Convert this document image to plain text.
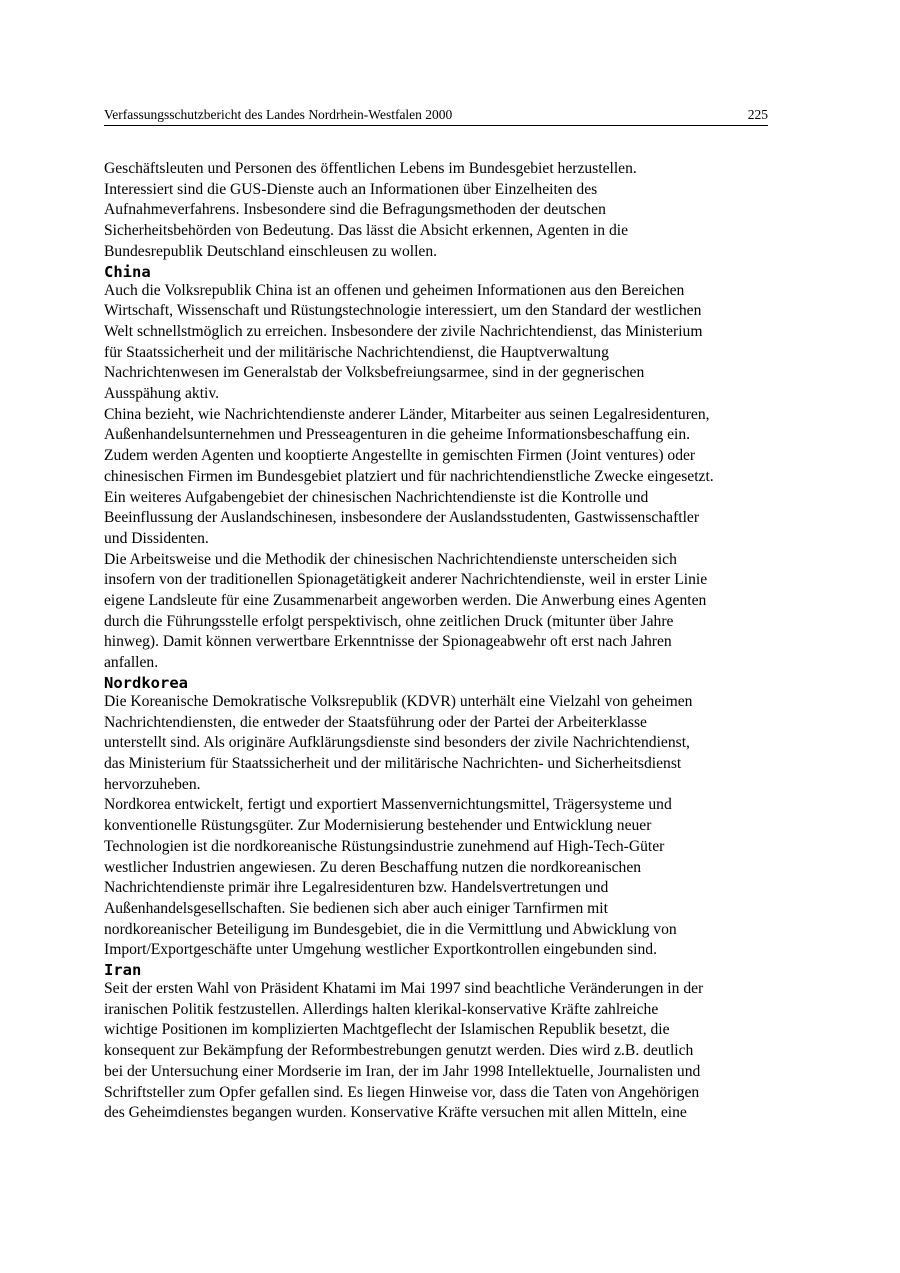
Verfassungsschutzbericht des Landes Nordrhein-Westfalen 2000	225

Geschäftsleuten und Personen des öffentlichen Lebens im Bundesgebiet herzustellen.
Interessiert sind die GUS-Dienste auch an Informationen über Einzelheiten des
Aufnahmeverfahrens. Insbesondere sind die Befragungsmethoden der deutschen
Sicherheitsbehörden von Bedeutung. Das lässt die Absicht erkennen, Agenten in die
Bundesrepublik Deutschland einschleusen zu wollen.

China

Auch die Volksrepublik China ist an offenen und geheimen Informationen aus den Bereichen
Wirtschaft, Wissenschaft und Rüstungstechnologie interessiert, um den Standard der westlichen
Welt schnellstmöglich zu erreichen. Insbesondere der zivile Nachrichtendienst, das Ministerium
für Staatssicherheit und der militärische Nachrichtendienst, die Hauptverwaltung
Nachrichtenwesen im Generalstab der Volksbefreiungsarmee, sind in der gegnerischen
Ausspähung aktiv.

China bezieht, wie Nachrichtendienste anderer Länder, Mitarbeiter aus seinen Legalresidenturen,
Außenhandelsunternehmen und Presseagenturen in die geheime Informationsbeschaffung ein.
Zudem werden Agenten und kooptierte Angestellte in gemischten Firmen (Joint ventures) oder
chinesischen Firmen im Bundesgebiet platziert und für nachrichtendienstliche Zwecke eingesetzt.
Ein weiteres Aufgabengebiet der chinesischen Nachrichtendienste ist die Kontrolle und
Beeinflussung der Auslandschinesen, insbesondere der Auslandsstudenten, Gastwissenschaftler
und Dissidenten.

Die Arbeitsweise und die Methodik der chinesischen Nachrichtendienste unterscheiden sich
insofern von der traditionellen Spionagetätigkeit anderer Nachrichtendienste, weil in erster Linie
eigene Landsleute für eine Zusammenarbeit angeworben werden. Die Anwerbung eines Agenten
durch die Führungsstelle erfolgt perspektivisch, ohne zeitlichen Druck (mitunter über Jahre
hinweg). Damit können verwertbare Erkenntnisse der Spionageabwehr oft erst nach Jahren
anfallen.

Nordkorea

Die Koreanische Demokratische Volksrepublik (KDVR) unterhält eine Vielzahl von geheimen
Nachrichtendiensten, die entweder der Staatsführung oder der Partei der Arbeiterklasse
unterstellt sind. Als originäre Aufklärungsdienste sind besonders der zivile Nachrichtendienst,
das Ministerium für Staatssicherheit und der militärische Nachrichten- und Sicherheitsdienst
hervorzuheben.

Nordkorea entwickelt, fertigt und exportiert Massenvernichtungsmittel, Trägersysteme und
konventionelle Rüstungsgüter. Zur Modernisierung bestehender und Entwicklung neuer
Technologien ist die nordkoreanische Rüstungsindustrie zunehmend auf High-Tech-Güter
westlicher Industrien angewiesen. Zu deren Beschaffung nutzen die nordkoreanischen
Nachrichtendienste primär ihre Legalresidenturen bzw. Handelsvertretungen und
Außenhandelsgesellschaften. Sie bedienen sich aber auch einiger Tarnfirmen mit
nordkoreanischer Beteiligung im Bundesgebiet, die in die Vermittlung und Abwicklung von
Import/Exportgeschäfte unter Umgehung westlicher Exportkontrollen eingebunden sind.

Iran

Seit der ersten Wahl von Präsident Khatami im Mai 1997 sind beachtliche Veränderungen in der
iranischen Politik festzustellen. Allerdings halten klerikal-konservative Kräfte zahlreiche
wichtige Positionen im komplizierten Machtgeflecht der Islamischen Republik besetzt, die
konsequent zur Bekämpfung der Reformbestrebungen genutzt werden. Dies wird z.B. deutlich
bei der Untersuchung einer Mordserie im Iran, der im Jahr 1998 Intellektuelle, Journalisten und
Schriftsteller zum Opfer gefallen sind. Es liegen Hinweise vor, dass die Taten von Angehörigen
des Geheimdienstes begangen wurden. Konservative Kräfte versuchen mit allen Mitteln, eine
